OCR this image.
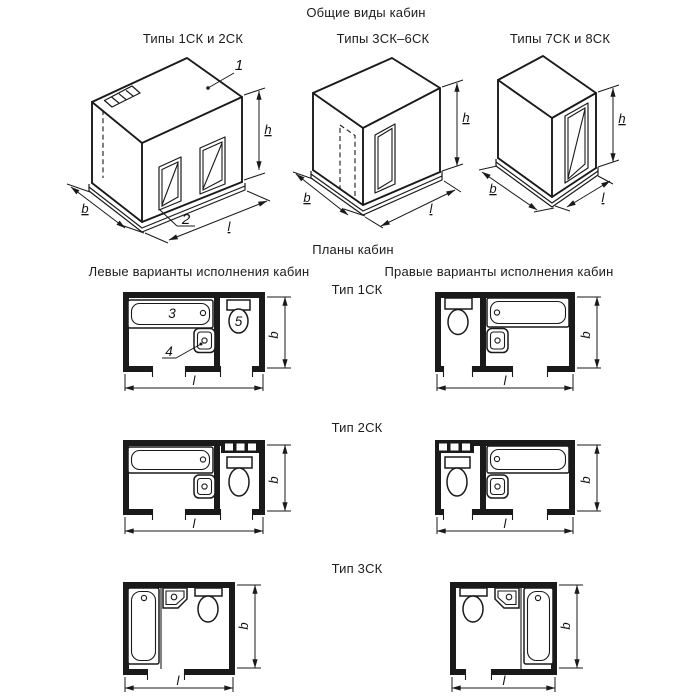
Общие виды кабин
Типы 1СК и 2СК	Типы 3СК–6СК	Типы 7СК и 8СК
Планы кабин
Левые варианты исполнения кабин	Правые варианты исполнения кабин
Тип 1СК
Тип 2СК
Тип 3СК
h
b
l
1
2
h
b
l
h
b
l
3
4
5
b
l
b
l
b
l
b
l
b
l
b
l
